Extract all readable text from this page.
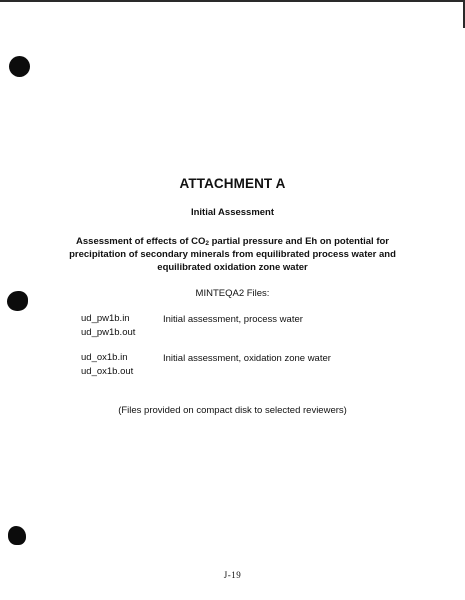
ATTACHMENT A
Initial Assessment
Assessment of effects of $CO_2$ partial pressure and Eh on potential for precipitation of secondary minerals from equilibrated process water and equilibrated oxidation zone water
MINTEQA2 Files:
ud_pw1b.in
ud_pw1b.out
Initial assessment, process water
ud_ox1b.in
ud_ox1b.out
Initial assessment, oxidation zone water
(Files provided on compact disk to selected reviewers)
J-19
